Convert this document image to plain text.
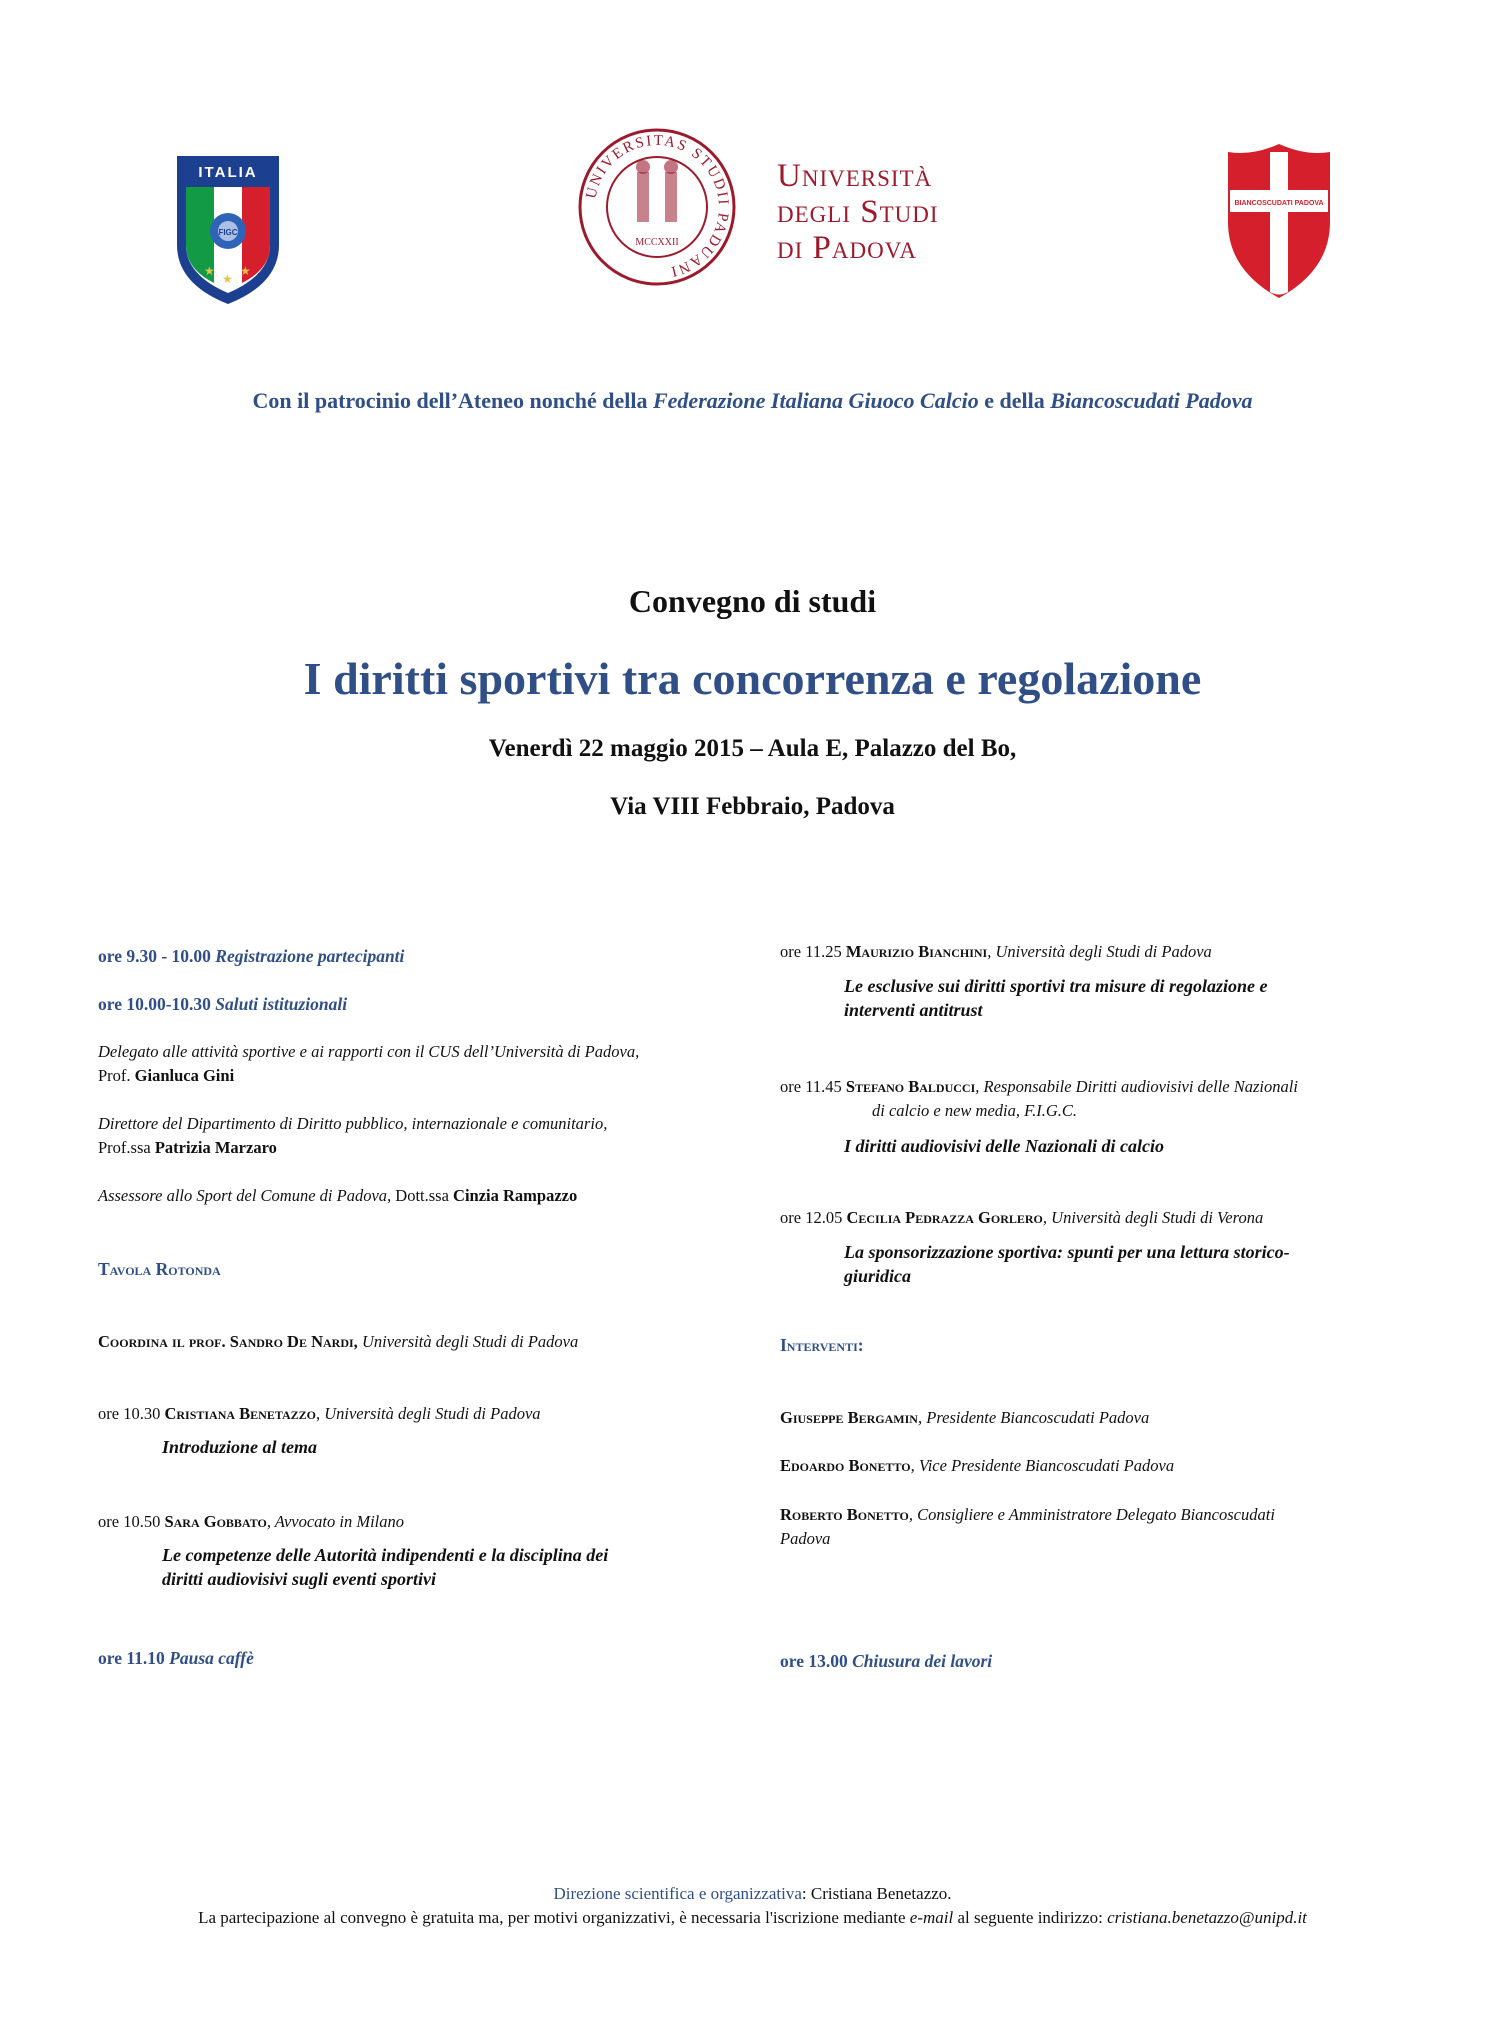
ITALIA
FIGC
★
★
★
UNIVERSITAS STUDII PADUANI
MCCXXII
Università
degli Studi
di Padova
BIANCOSCUDATI PADOVA
Con il patrocinio dell’Ateneo nonché della Federazione Italiana Giuoco Calcio e della Biancoscudati Padova
Convegno di studi
I diritti sportivi tra concorrenza e regolazione
Venerdì 22 maggio 2015 – Aula E, Palazzo del Bo,
Via VIII Febbraio, Padova
ore 9.30 - 10.00 Registrazione partecipanti
ore 10.00-10.30 Saluti istituzionali
Delegato alle attività sportive e ai rapporti con il CUS dell’Università di Padova,
Prof. Gianluca Gini
Direttore del Dipartimento di Diritto pubblico, internazionale e comunitario,
Prof.ssa Patrizia Marzaro
Assessore allo Sport del Comune di Padova, Dott.ssa Cinzia Rampazzo
Tavola Rotonda
Coordina il prof. Sandro De Nardi, Università degli Studi di Padova
ore 10.30 Cristiana Benetazzo, Università degli Studi di Padova
Introduzione al tema
ore 10.50 Sara Gobbato, Avvocato in Milano
Le competenze delle Autorità indipendenti e la disciplina dei
diritti audiovisivi sugli eventi sportivi
ore 11.10 Pausa caffè
ore 11.25 Maurizio Bianchini, Università degli Studi di Padova
Le esclusive sui diritti sportivi tra misure di regolazione e
interventi antitrust
ore 11.45 Stefano Balducci, Responsabile Diritti audiovisivi delle Nazionali
di calcio e new media, F.I.G.C.
I diritti audiovisivi delle Nazionali di calcio
ore 12.05 Cecilia Pedrazza Gorlero, Università degli Studi di Verona
La sponsorizzazione sportiva: spunti per una lettura storico-
giuridica
Interventi:
Giuseppe Bergamin, Presidente Biancoscudati Padova
Edoardo Bonetto, Vice Presidente Biancoscudati Padova
Roberto Bonetto, Consigliere e Amministratore Delegato Biancoscudati
Padova
ore 13.00 Chiusura dei lavori
Direzione scientifica e organizzativa: Cristiana Benetazzo.
La partecipazione al convegno è gratuita ma, per motivi organizzativi, è necessaria l'iscrizione mediante e-mail al seguente indirizzo: cristiana.benetazzo@unipd.it
